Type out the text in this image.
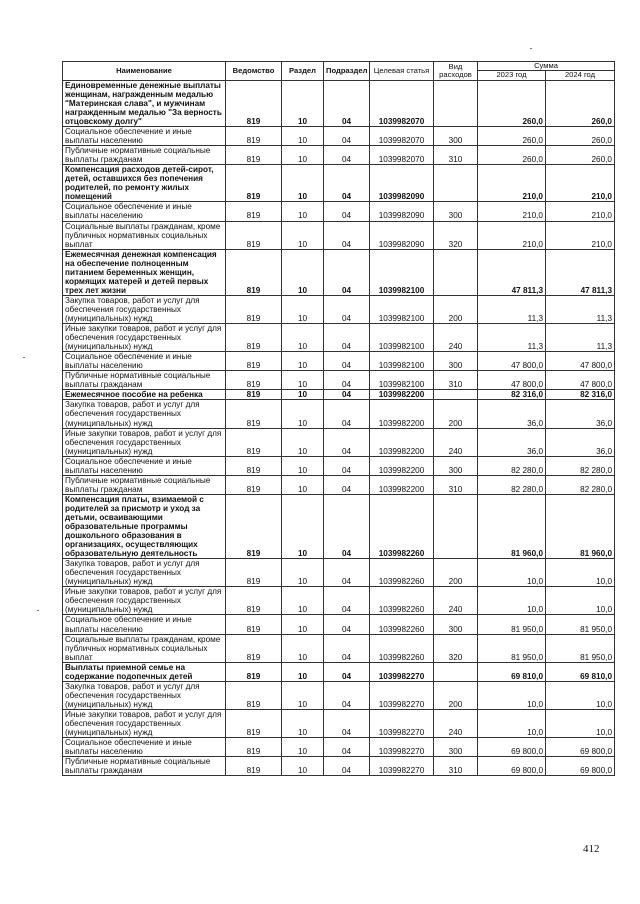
Наименование	Ведомство	Раздел	Подраздел	Целевая статья	Вид расходов	Сумма	
						2023 год	2024 год
Единовременные денежные выплаты женщинам, награжденным медалью "Материнская слава", и мужчинам награжденным медалью "За верность отцовскому долгу"	819	10	04	1039982070		260,0	260,0
Социальное обеспечение и иные выплаты населению	819	10	04	1039982070	300	260,0	260,0
Публичные нормативные социальные выплаты гражданам	819	10	04	1039982070	310	260,0	260,0
Компенсация расходов детей-сирот, детей, оставшихся без попечения родителей, по ремонту жилых помещений	819	10	04	1039982090		210,0	210,0
Социальное обеспечение и иные выплаты населению	819	10	04	1039982090	300	210,0	210,0
Социальные выплаты гражданам, кроме публичных нормативных социальных выплат	819	10	04	1039982090	320	210,0	210,0
Ежемесячная денежная компенсация на обеспечение полноценным питанием беременных женщин, кормящих матерей и детей первых трех лет жизни	819	10	04	1039982100		47 811,3	47 811,3
Закупка товаров, работ и услуг для обеспечения государственных (муниципальных) нужд	819	10	04	1039982100	200	11,3	11,3
Иные закупки товаров, работ и услуг для обеспечения государственных (муниципальных) нужд	819	10	04	1039982100	240	11,3	11,3
Социальное обеспечение и иные выплаты населению	819	10	04	1039982100	300	47 800,0	47 800,0
Публичные нормативные социальные выплаты гражданам	819	10	04	1039982100	310	47 800,0	47 800,0
Ежемесячное пособие на ребенка	819	10	04	1039982200		82 316,0	82 316,0
Закупка товаров, работ и услуг для обеспечения государственных (муниципальных) нужд	819	10	04	1039982200	200	36,0	36,0
Иные закупки товаров, работ и услуг для обеспечения государственных (муниципальных) нужд	819	10	04	1039982200	240	36,0	36,0
Социальное обеспечение и иные выплаты населению	819	10	04	1039982200	300	82 280,0	82 280,0
Публичные нормативные социальные выплаты гражданам	819	10	04	1039982200	310	82 280,0	82 280,0
Компенсация платы, взимаемой с родителей за присмотр и уход за детьми, осваивающими образовательные программы дошкольного образования в организациях, осуществляющих образовательную деятельность	819	10	04	1039982260		81 960,0	81 960,0
Закупка товаров, работ и услуг для обеспечения государственных (муниципальных) нужд	819	10	04	1039982260	200	10,0	10,0
Иные закупки товаров, работ и услуг для обеспечения государственных (муниципальных) нужд	819	10	04	1039982260	240	10,0	10,0
Социальное обеспечение и иные выплаты населению	819	10	04	1039982260	300	81 950,0	81 950,0
Социальные выплаты гражданам, кроме публичных нормативных социальных выплат	819	10	04	1039982260	320	81 950,0	81 950,0
Выплаты приемной семье на содержание подопечных детей	819	10	04	1039982270		69 810,0	69 810,0
Закупка товаров, работ и услуг для обеспечения государственных (муниципальных) нужд	819	10	04	1039982270	200	10,0	10,0
Иные закупки товаров, работ и услуг для обеспечения государственных (муниципальных) нужд	819	10	04	1039982270	240	10,0	10,0
Социальное обеспечение и иные выплаты населению	819	10	04	1039982270	300	69 800,0	69 800,0
Публичные нормативные социальные выплаты гражданам	819	10	04	1039982270	310	69 800,0	69 800,0
412
